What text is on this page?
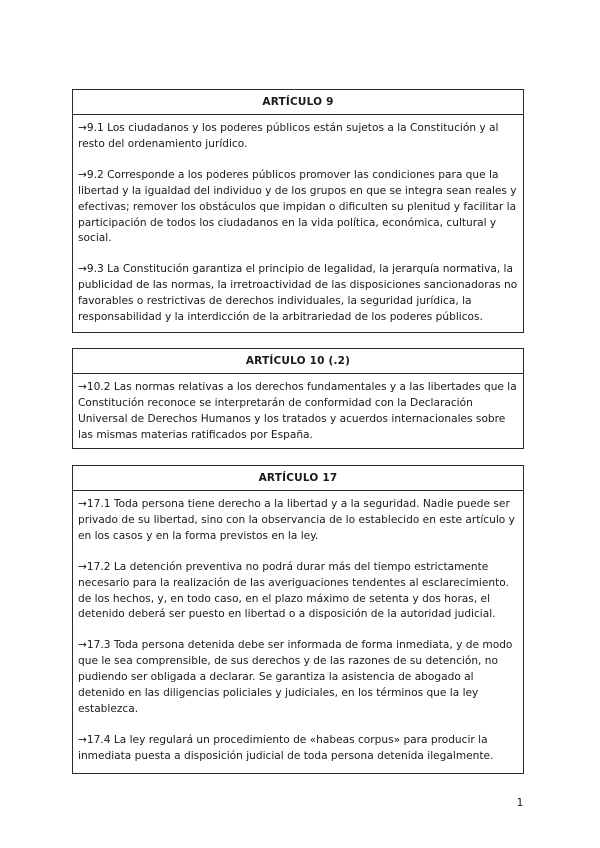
ARTÍCULO 9

→9.1 Los ciudadanos y los poderes públicos están sujetos a la Constitución y al resto del ordenamiento jurídico.

→9.2 Corresponde a los poderes públicos promover las condiciones para que la libertad y la igualdad del individuo y de los grupos en que se integra sean reales y efectivas; remover los obstáculos que impidan o dificulten su plenitud y facilitar la participación de todos los ciudadanos en la vida política, económica, cultural y social.

→9.3 La Constitución garantiza el principio de legalidad, la jerarquía normativa, la publicidad de las normas, la irretroactividad de las disposiciones sancionadoras no favorables o restrictivas de derechos individuales, la seguridad jurídica, la responsabilidad y la interdicción de la arbitrariedad de los poderes públicos.

ARTÍCULO 10 (.2)

→10.2 Las normas relativas a los derechos fundamentales y a las libertades que la Constitución reconoce se interpretarán de conformidad con la Declaración Universal de Derechos Humanos y los tratados y acuerdos internacionales sobre las mismas materias ratificados por España.

ARTÍCULO 17

→17.1 Toda persona tiene derecho a la libertad y a la seguridad. Nadie puede ser privado de su libertad, sino con la observancia de lo establecido en este artículo y en los casos y en la forma previstos en la ley.

→17.2 La detención preventiva no podrá durar más del tiempo estrictamente necesario para la realización de las averiguaciones tendentes al esclarecimiento. de los hechos, y, en todo caso, en el plazo máximo de setenta y dos horas, el detenido deberá ser puesto en libertad o a disposición de la autoridad judicial.

→17.3 Toda persona detenida debe ser informada de forma inmediata, y de modo que le sea comprensible, de sus derechos y de las razones de su detención, no pudiendo ser obligada a declarar. Se garantiza la asistencia de abogado al detenido en las diligencias policiales y judiciales, en los términos que la ley establezca.

→17.4 La ley regulará un procedimiento de «habeas corpus» para producir la inmediata puesta a disposición judicial de toda persona detenida ilegalmente.

1
